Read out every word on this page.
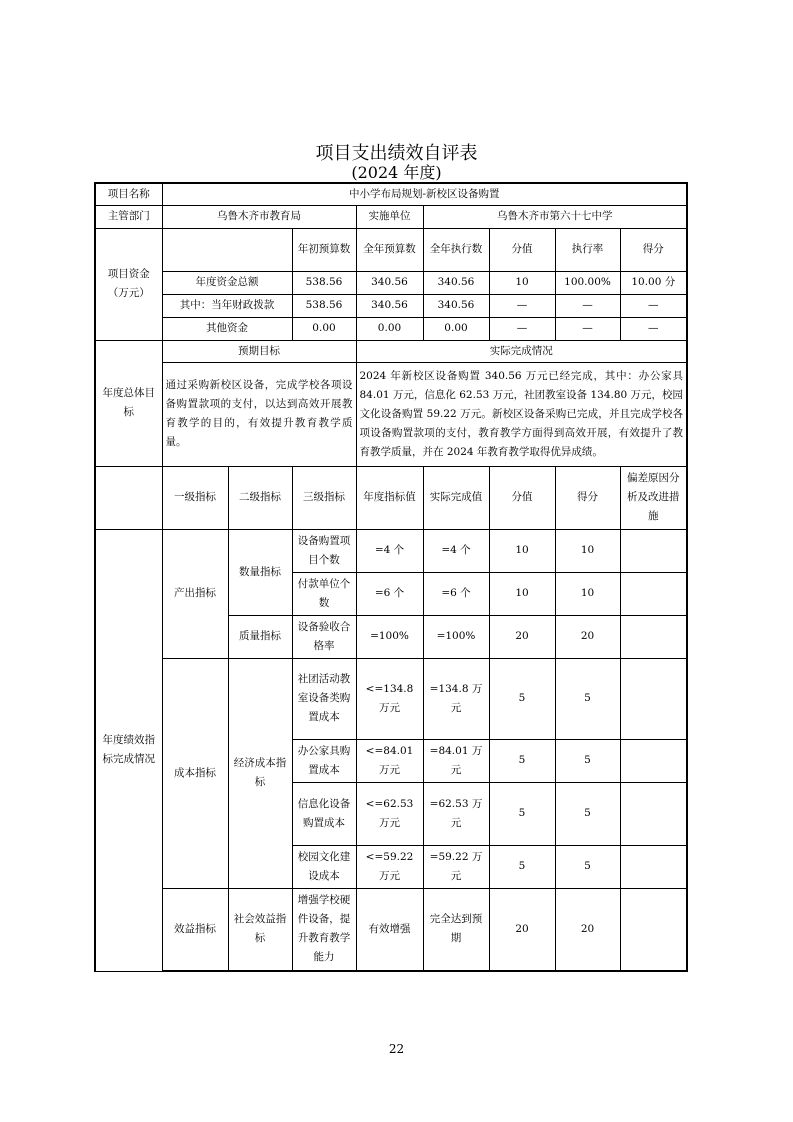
项目支出绩效自评表
(2024 年度)
项目名称	中小学布局规划-新校区设备购置							
主管部门	乌鲁木齐市教育局			实施单位	乌鲁木齐市第六十七中学			
项目资金（万元）			年初预算数	全年预算数	全年执行数	分值	执行率	得分
	年度资金总额		538.56	340.56	340.56	10	100.00%	10.00 分
	其中：当年财政拨款		538.56	340.56	340.56	—	—	—
	其他资金		0.00	0.00	0.00	—	—	—
年度总体目标	预期目标			实际完成情况				
	通过采购新校区设备，完成学校各项设备购置款项的支付，以达到高效开展教育教学的目的，有效提升教育教学质量。			2024 年新校区设备购置 340.56 万元已经完成，其中：办公家具 84.01 万元，信息化 62.53 万元，社团教室设备 134.80 万元，校园文化设备购置 59.22 万元。新校区设备采购已完成，并且完成学校各项设备购置款项的支付，教育教学方面得到高效开展，有效提升了教育教学质量，并在 2024 年教育教学取得优异成绩。				
	一级指标	二级指标	三级指标	年度指标值	实际完成值	分值	得分	偏差原因分析及改进措施
年度绩效指标完成情况	产出指标	数量指标	设备购置项目个数	=4 个	=4 个	10	10	
			付款单位个数	=6 个	=6 个	10	10	
		质量指标	设备验收合格率	=100%	=100%	20	20	
	成本指标	经济成本指标	社团活动教室设备类购置成本	<=134.8 万元	=134.8 万元	5	5	
			办公家具购置成本	<=84.01 万元	=84.01 万元	5	5	
			信息化设备购置成本	<=62.53 万元	=62.53 万元	5	5	
			校园文化建设成本	<=59.22 万元	=59.22 万元	5	5	
	效益指标	社会效益指标	增强学校硬件设备，提升教育教学能力	有效增强	完全达到预期	20	20	
22
